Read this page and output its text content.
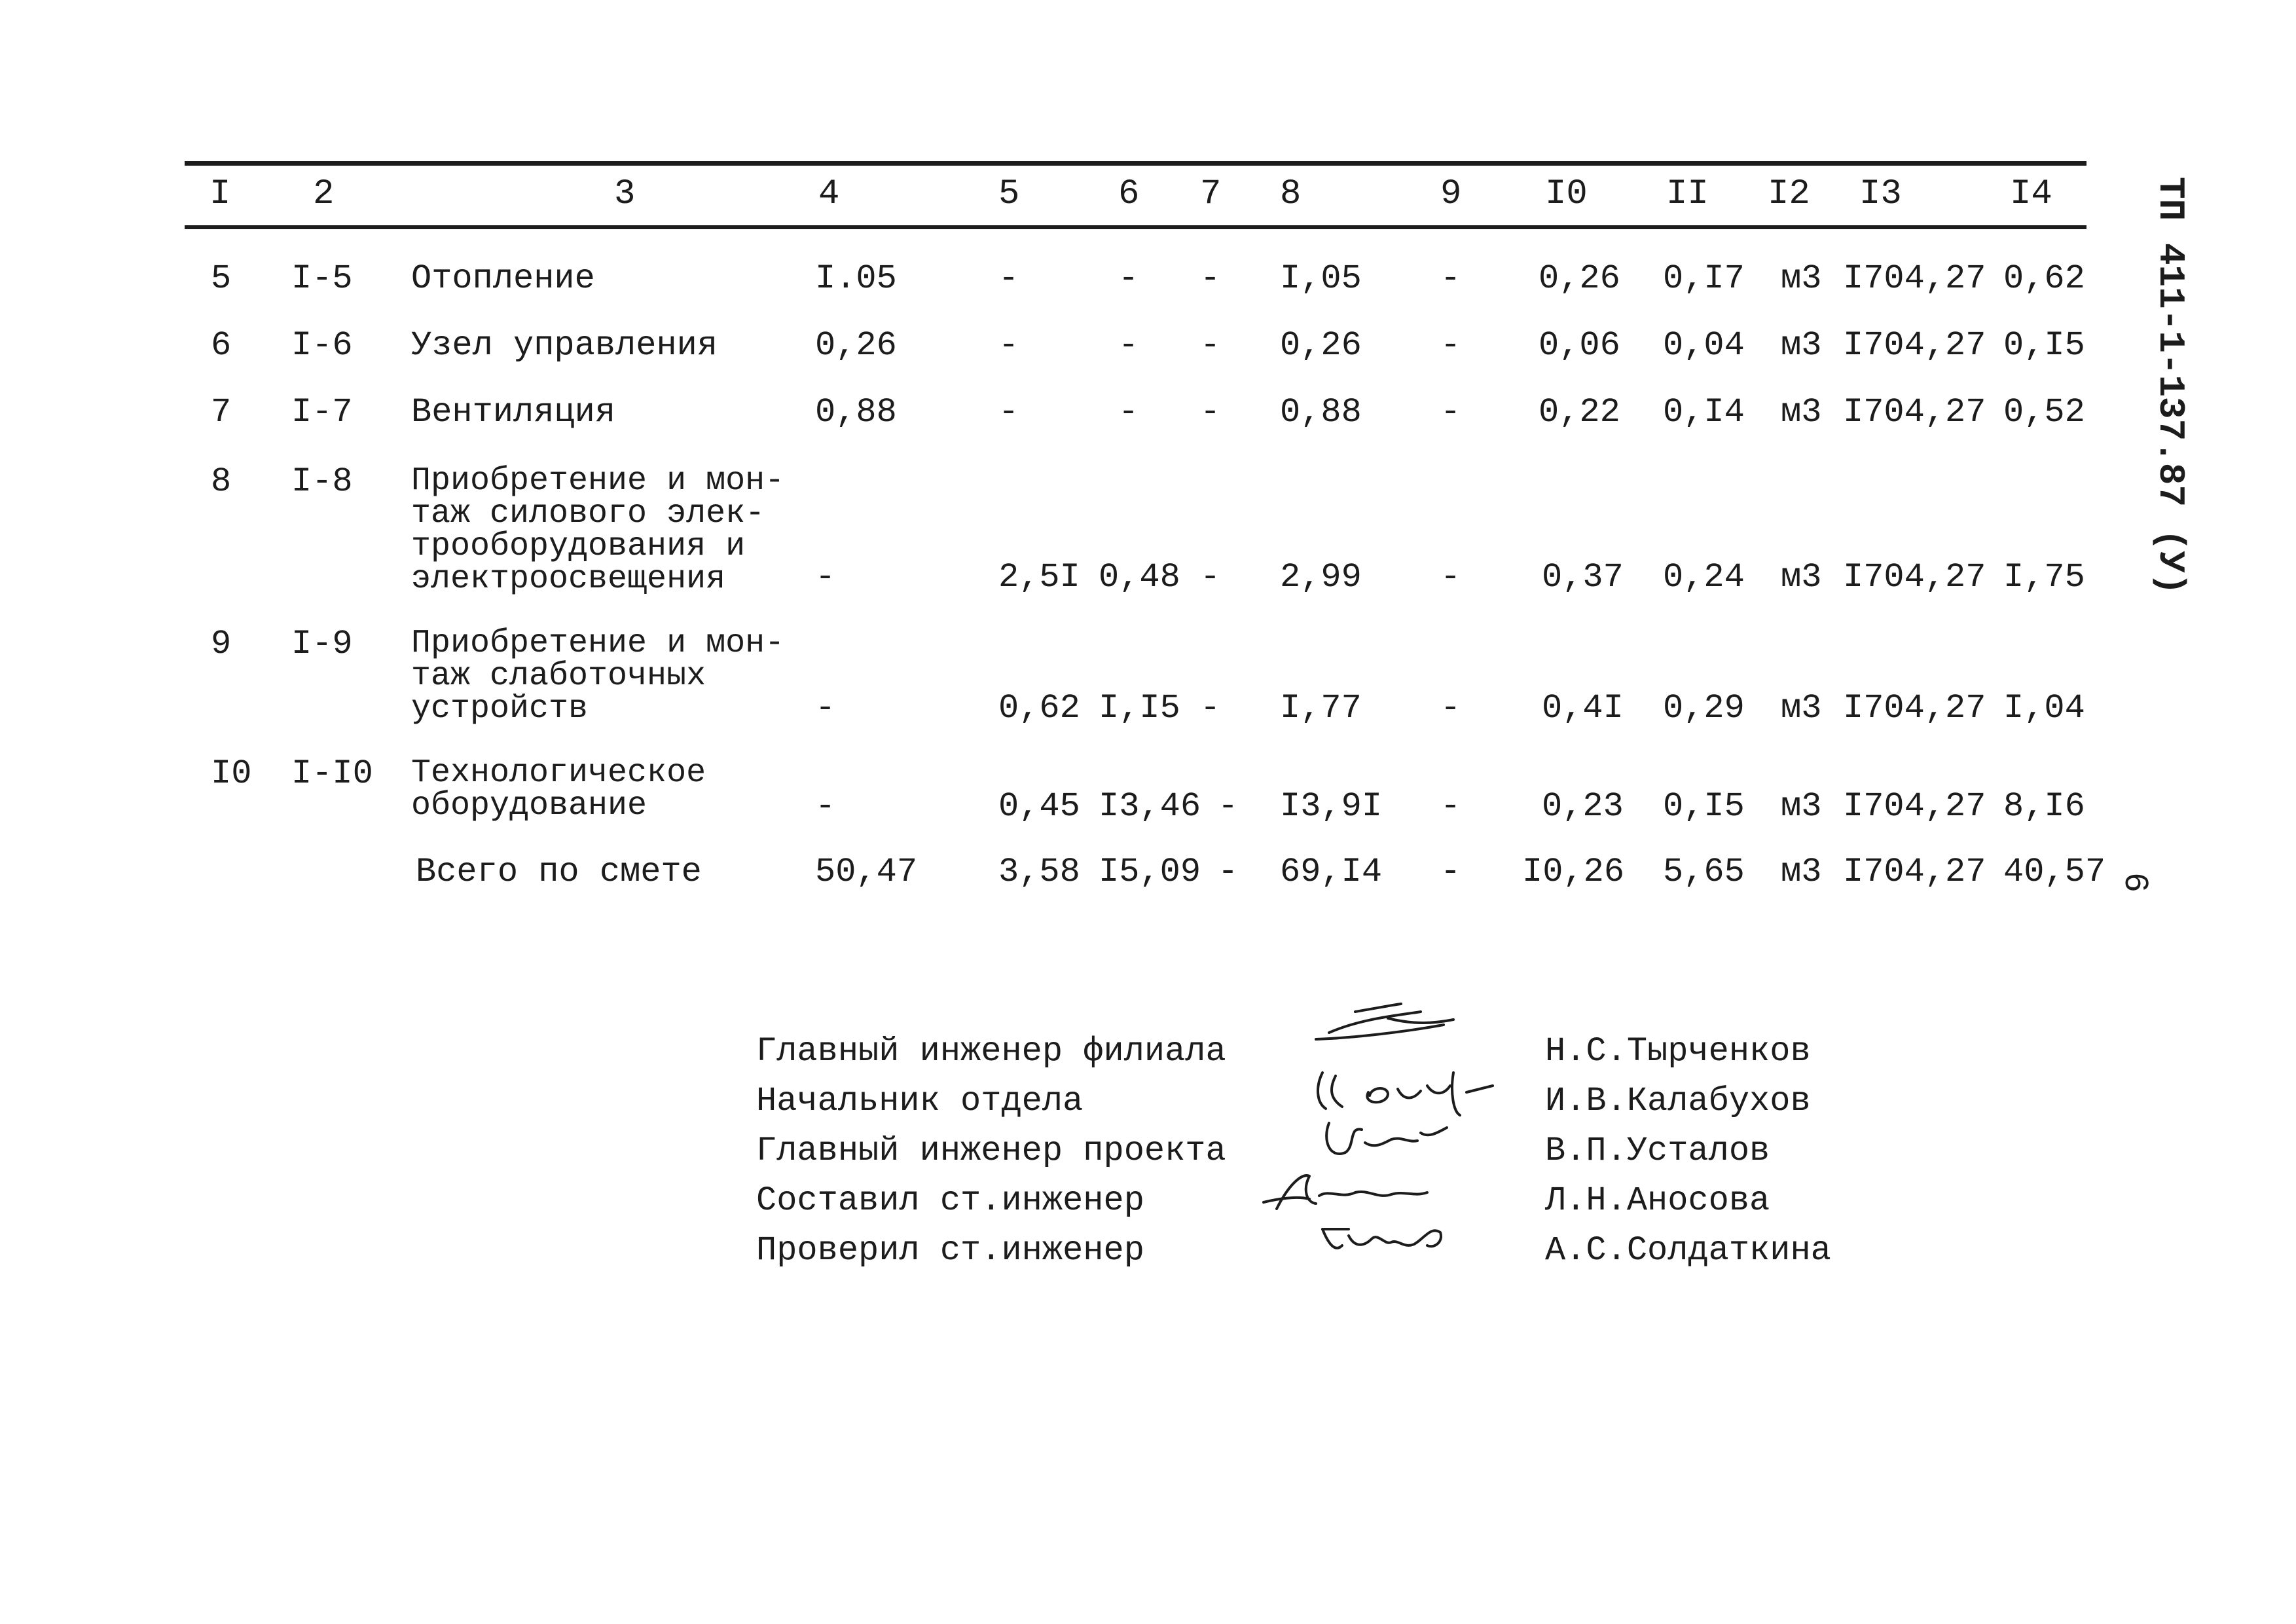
ТП 411-1-137.87 (У)
6
I 2	3	4	5	6 7 8	9 I0 II I2 I3	I4
5 I-5 Отопление	I.05	-	- - I,05 - 0,26 0,I7 м3 I704,27 0,62
6 I-6 Узел управления	0,26	-	- - 0,26 - 0,06 0,04 м3 I704,27 0,I5
7 I-7 Вентиляция	0,88	-	- - 0,88 - 0,22 0,I4 м3 I704,27 0,52
8 I-8 Приобретение и мон-
таж силового элек-
трооборудования и
электроосвещения	-	2,5I 0,48 - 2,99 - 0,37 0,24 м3 I704,27 I,75
9 I-9 Приобретение и мон-
таж слаботочных
устройств	-	0,62 I,I5 - I,77 - 0,4I 0,29 м3 I704,27 I,04
I0 I-I0 Технологическое
оборудование	-	0,45 I3,46 - I3,9I - 0,23 0,I5 м3 I704,27 8,I6
Всего по смете	50,47 3,58 I5,09 - 69,I4 - I0,26 5,65 м3 I704,27 40,57
Главный инженер филиала	Н.С.Тырченков
Начальник отдела	И.В.Калабухов
Главный инженер проекта	В.П.Усталов
Составил ст.инженер	Л.Н.Аносова
Проверил ст.инженер	А.С.Солдаткина
